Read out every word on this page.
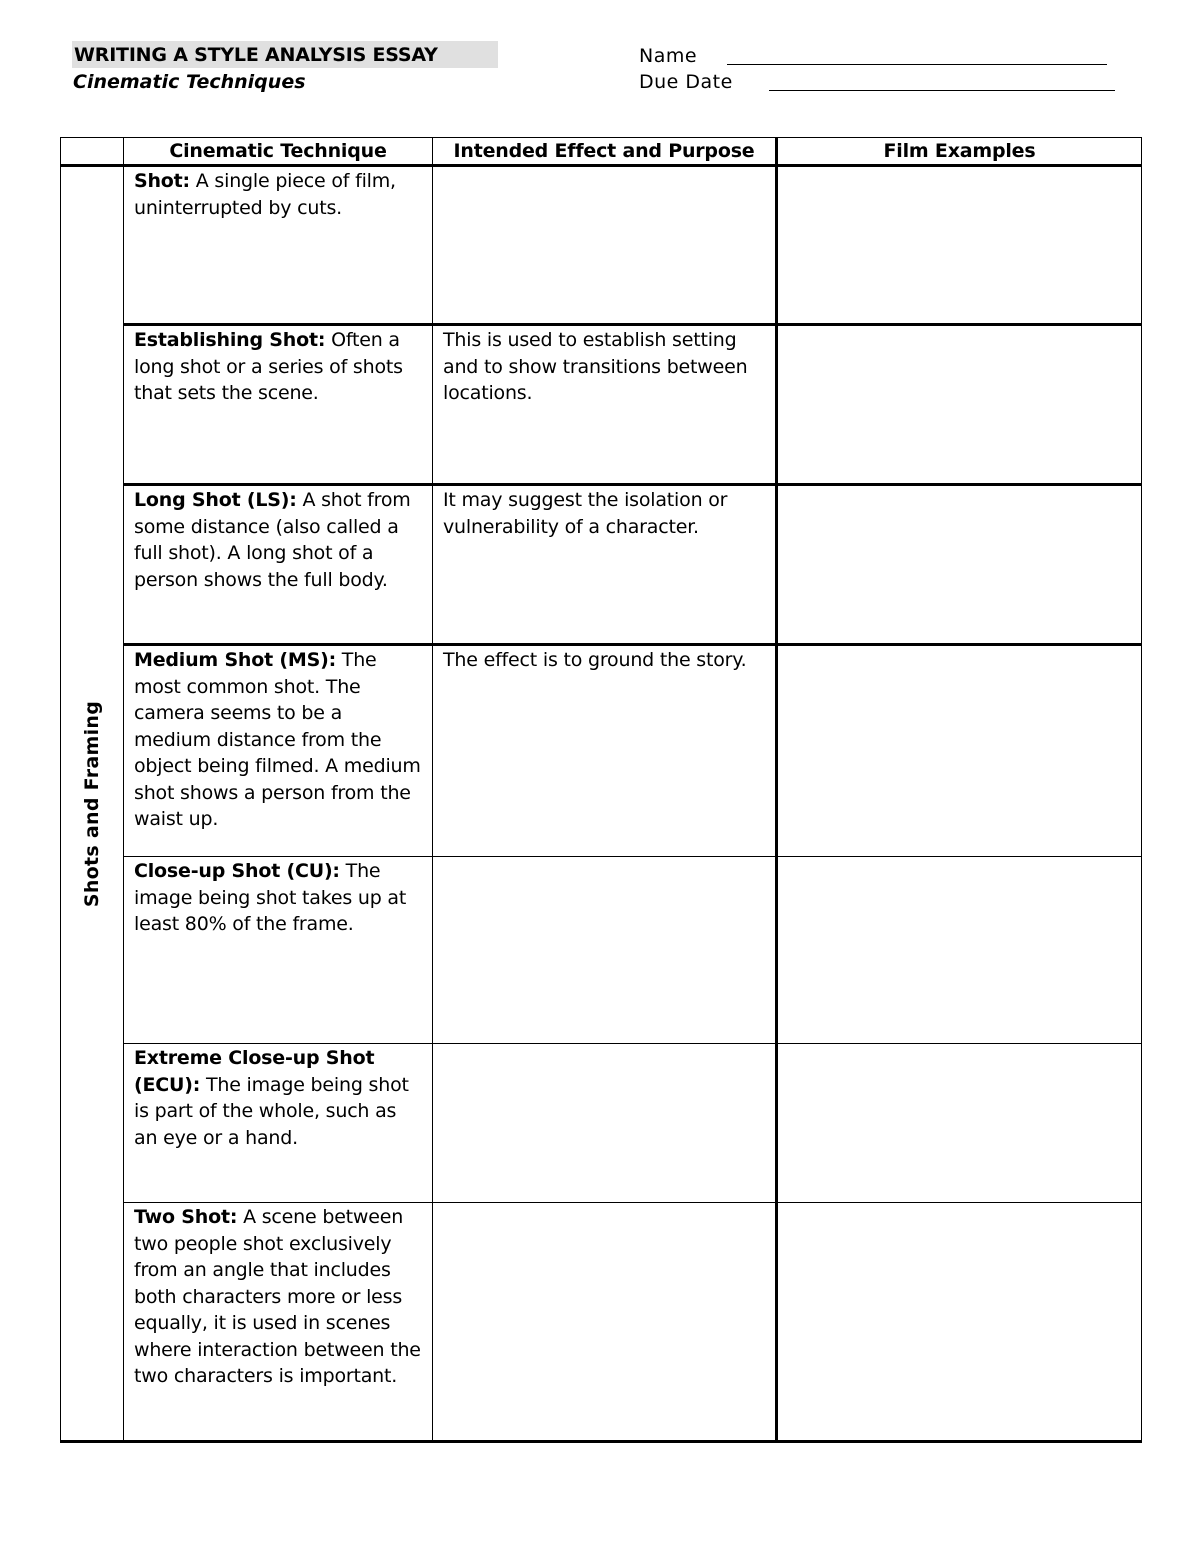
WRITING A STYLE ANALYSIS ESSAY
Cinematic Techniques
Name
Due Date
	Cinematic Technique	Intended Effect and Purpose	Film Examples

Shots and Framing	Shot: A single piece of film, uninterrupted by cuts.		
	Establishing Shot: Often a long shot or a series of shots that sets the scene.	This is used to establish setting and to show transitions between locations.	
	Long Shot (LS): A shot from some distance (also called a full shot). A long shot of a person shows the full body.	It may suggest the isolation or vulnerability of a character.	
	Medium Shot (MS): The most common shot. The camera seems to be a medium distance from the object being filmed. A medium shot shows a person from the waist up.	The effect is to ground the story.	
	Close-up Shot (CU): The image being shot takes up at least 80% of the frame.		
	Extreme Close-up Shot (ECU): The image being shot is part of the whole, such as an eye or a hand.		
	Two Shot: A scene between two people shot exclusively from an angle that includes both characters more or less equally, it is used in scenes where interaction between the two characters is important.		
